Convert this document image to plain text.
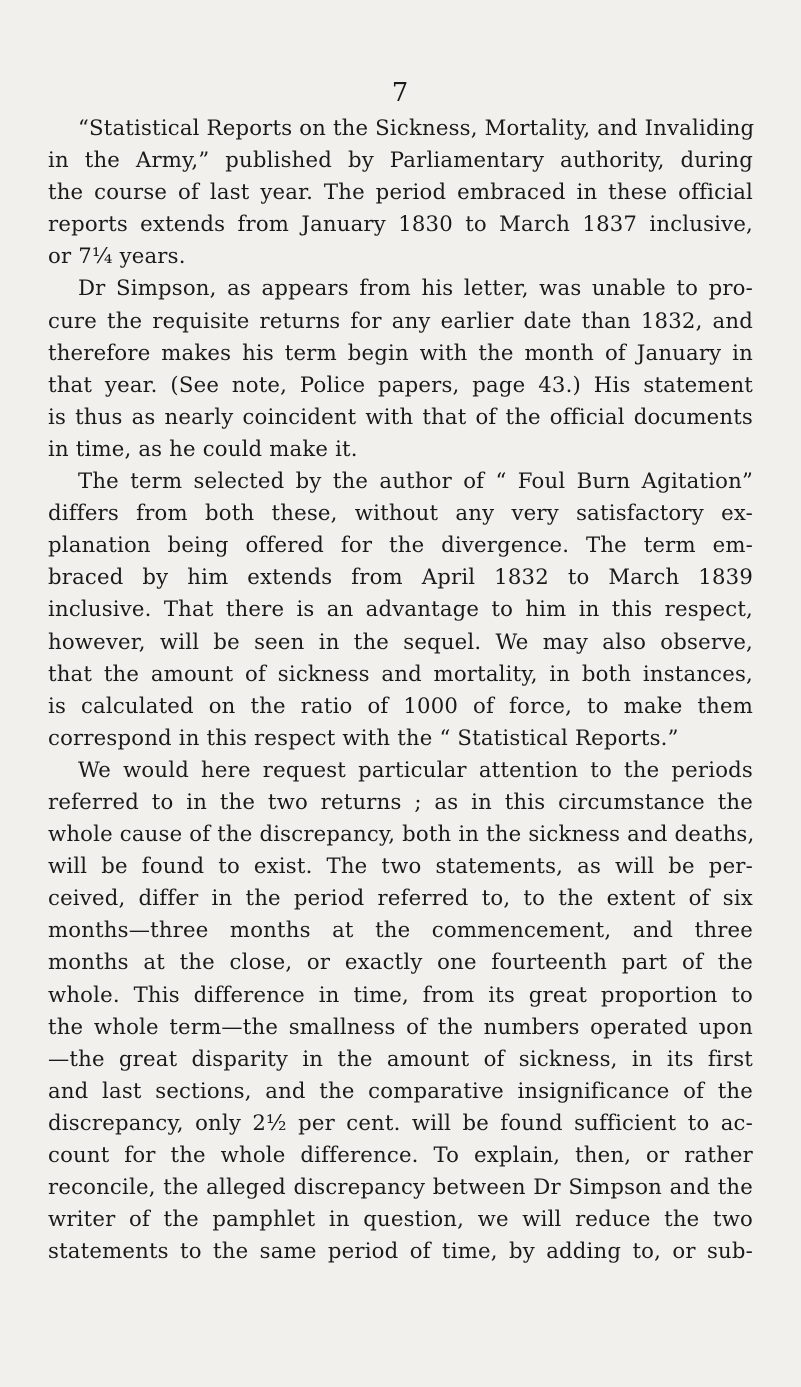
7
“Statistical Reports on the Sickness, Mortality, and Invaliding
in the Army,” published by Parliamentary authority, during
the course of last year. The period embraced in these official
reports extends from January 1830 to March 1837 inclusive,
or 7¼ years.
Dr Simpson, as appears from his letter, was unable to pro-
cure the requisite returns for any earlier date than 1832, and
therefore makes his term begin with the month of January in
that year. (See note, Police papers, page 43.) His statement
is thus as nearly coincident with that of the official documents
in time, as he could make it.
The term selected by the author of “ Foul Burn Agitation”
differs from both these, without any very satisfactory ex-
planation being offered for the divergence. The term em-
braced by him extends from April 1832 to March 1839
inclusive. That there is an advantage to him in this respect,
however, will be seen in the sequel. We may also observe,
that the amount of sickness and mortality, in both instances,
is calculated on the ratio of 1000 of force, to make them
correspond in this respect with the “ Statistical Reports.”
We would here request particular attention to the periods
referred to in the two returns ; as in this circumstance the
whole cause of the discrepancy, both in the sickness and deaths,
will be found to exist. The two statements, as will be per-
ceived, differ in the period referred to, to the extent of six
months—three months at the commencement, and three
months at the close, or exactly one fourteenth part of the
whole. This difference in time, from its great proportion to
the whole term—the smallness of the numbers operated upon
—the great disparity in the amount of sickness, in its first
and last sections, and the comparative insignificance of the
discrepancy, only 2½ per cent. will be found sufficient to ac-
count for the whole difference. To explain, then, or rather
reconcile, the alleged discrepancy between Dr Simpson and the
writer of the pamphlet in question, we will reduce the two
statements to the same period of time, by adding to, or sub-
